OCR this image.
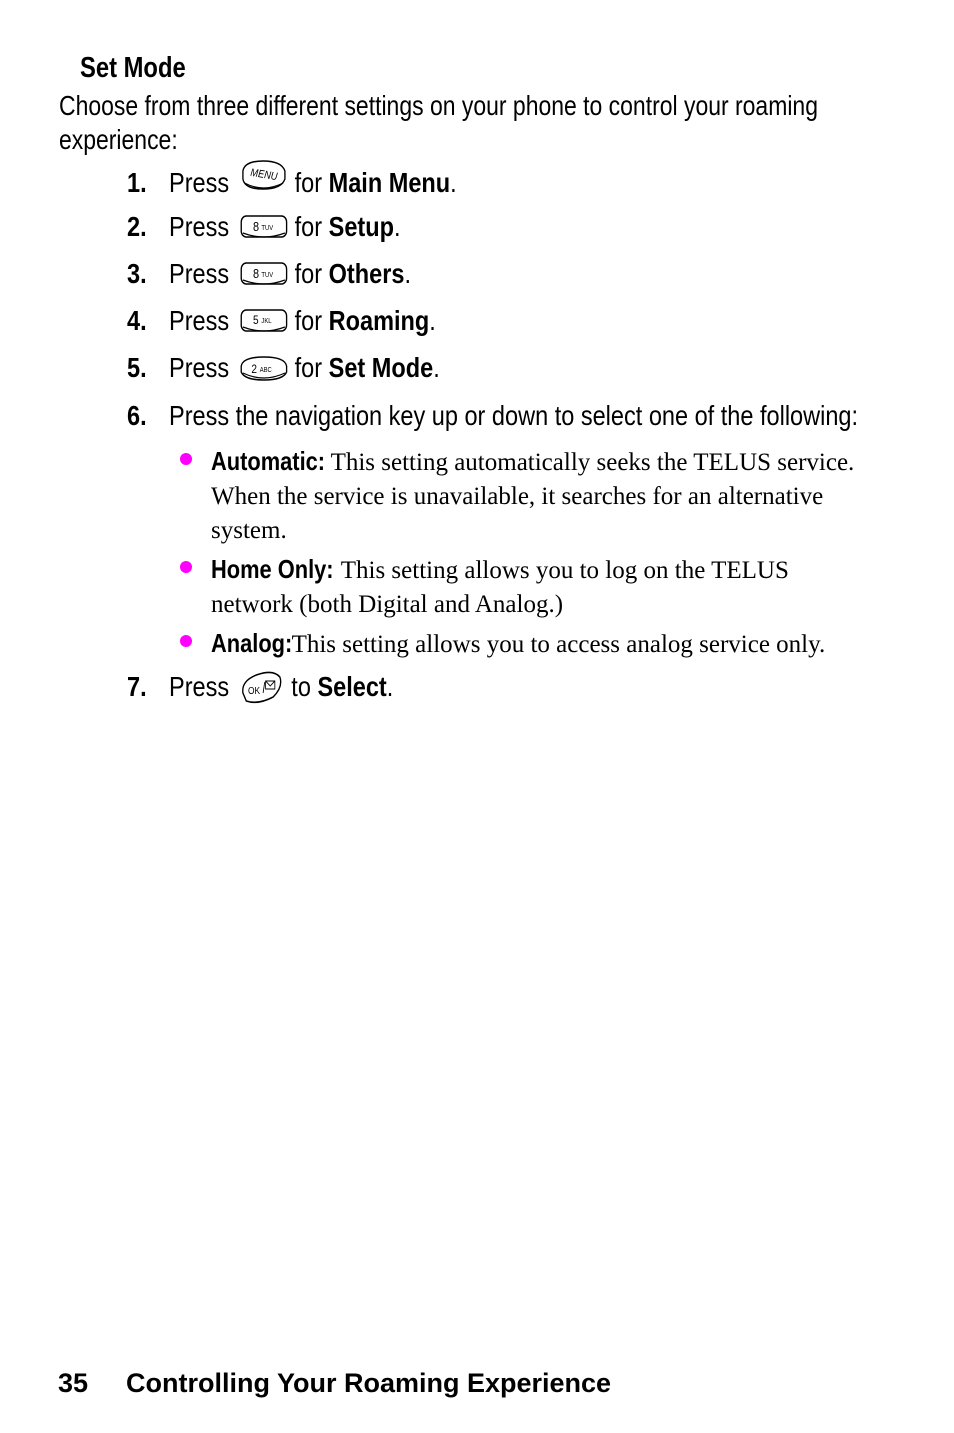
Set Mode
Choose from three different settings on your phone to control your roaming experience:
1. Press MENU for
Main Menu .
2. Press 8 TUV for
Setup .
3. Press 8 TUV for
Others .
4. Press 5 JKL for
Roaming .
5. Press 2 ABC for
Set Mode .
6. Press the navigation key up or down to select one of the following:
Automatic: This setting automatically seeks the TELUS service. When the service is unavailable, it searches for an alternative system.
Home Only: This setting allows you to log on the TELUS network (both Digital and Analog.)
Analog: This setting allows you to access analog service only.
7. Press OK to
Select .
35 Controlling Your Roaming Experience
